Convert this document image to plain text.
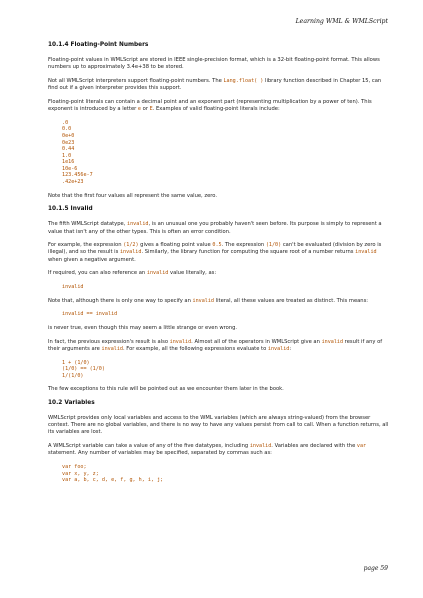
Learning WML & WMLScript
10.1.4 Floating-Point Numbers

Floating-point values in WMLScript are stored in IEEE single-precision format, which is a 32-bit floating-point format. This allows numbers up to approximately 3.4e+38 to be stored.

Not all WMLScript interpreters support floating-point numbers. The Lang.float( ) library function described in Chapter 15, can find out if a given interpreter provides this support.

Floating-point literals can contain a decimal point and an exponent part (representing multiplication by a power of ten). This exponent is introduced by a letter e or E. Examples of valid floating-point literals include:

.0
0.0
0e+0
0e23
0.44
1.0
1e16
10e-6
123.456e-7
.42e+23

Note that the first four values all represent the same value, zero.

10.1.5 Invalid

The fifth WMLScript datatype, invalid, is an unusual one you probably haven't seen before. Its purpose is simply to represent a value that isn't any of the other types. This is often an error condition.

For example, the expression (1/2) gives a floating point value 0.5. The expression (1/0) can't be evaluated (division by zero is illegal), and so the result is invalid. Similarly, the library function for computing the square root of a number returns invalid when given a negative argument.

If required, you can also reference an invalid value literally, as:

invalid

Note that, although there is only one way to specify an invalid literal, all these values are treated as distinct. This means:

invalid == invalid

is never true, even though this may seem a little strange or even wrong.

In fact, the previous expression's result is also invalid. Almost all of the operators in WMLScript give an invalid result if any of their arguments are invalid. For example, all the following expressions evaluate to invalid:

1 + (1/0)
(1/0) == (1/0)
1/(1/0)

The few exceptions to this rule will be pointed out as we encounter them later in the book.

10.2 Variables

WMLScript provides only local variables and access to the WML variables (which are always string-valued) from the browser context. There are no global variables, and there is no way to have any values persist from call to call. When a function returns, all its variables are lost.

A WMLScript variable can take a value of any of the five datatypes, including invalid. Variables are declared with the var statement. Any number of variables may be specified, separated by commas such as:

var foo;
var x, y, z;
var a, b, c, d, e, f, g, h, i, j;
page 59
